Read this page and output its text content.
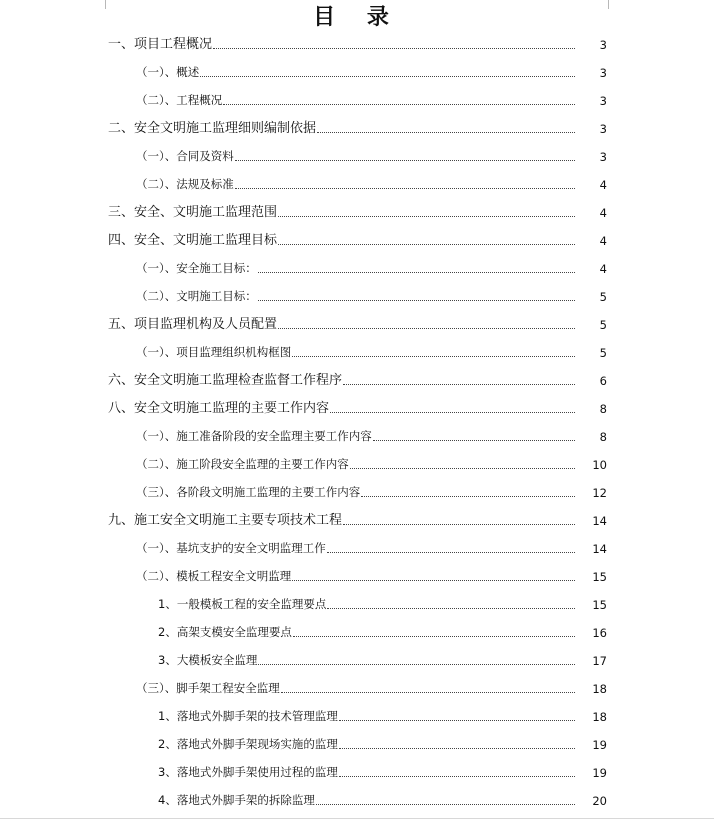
目 录
一、项目工程概况	3
（一）、概述	3
（二）、工程概况	3
二、安全文明施工监理细则编制依据	3
（一）、合同及资料	3
（二）、法规及标准	4
三、安全、文明施工监理范围	4
四、安全、文明施工监理目标	4
（一）、安全施工目标：	4
（二）、文明施工目标：	5
五、项目监理机构及人员配置	5
（一）、项目监理组织机构框图	5
六、安全文明施工监理检查监督工作程序	6
八、安全文明施工监理的主要工作内容	8
（一）、施工准备阶段的安全监理主要工作内容	8
（二）、施工阶段安全监理的主要工作内容	10
（三）、各阶段文明施工监理的主要工作内容	12
九、施工安全文明施工主要专项技术工程	14
（一）、基坑支护的安全文明监理工作	14
（二）、模板工程安全文明监理	15
1、一般模板工程的安全监理要点	15
2、高架支模安全监理要点	16
3、大模板安全监理	17
（三）、脚手架工程安全监理	18
1、落地式外脚手架的技术管理监理	18
2、落地式外脚手架现场实施的监理	19
3、落地式外脚手架使用过程的监理	19
4、落地式外脚手架的拆除监理	20
